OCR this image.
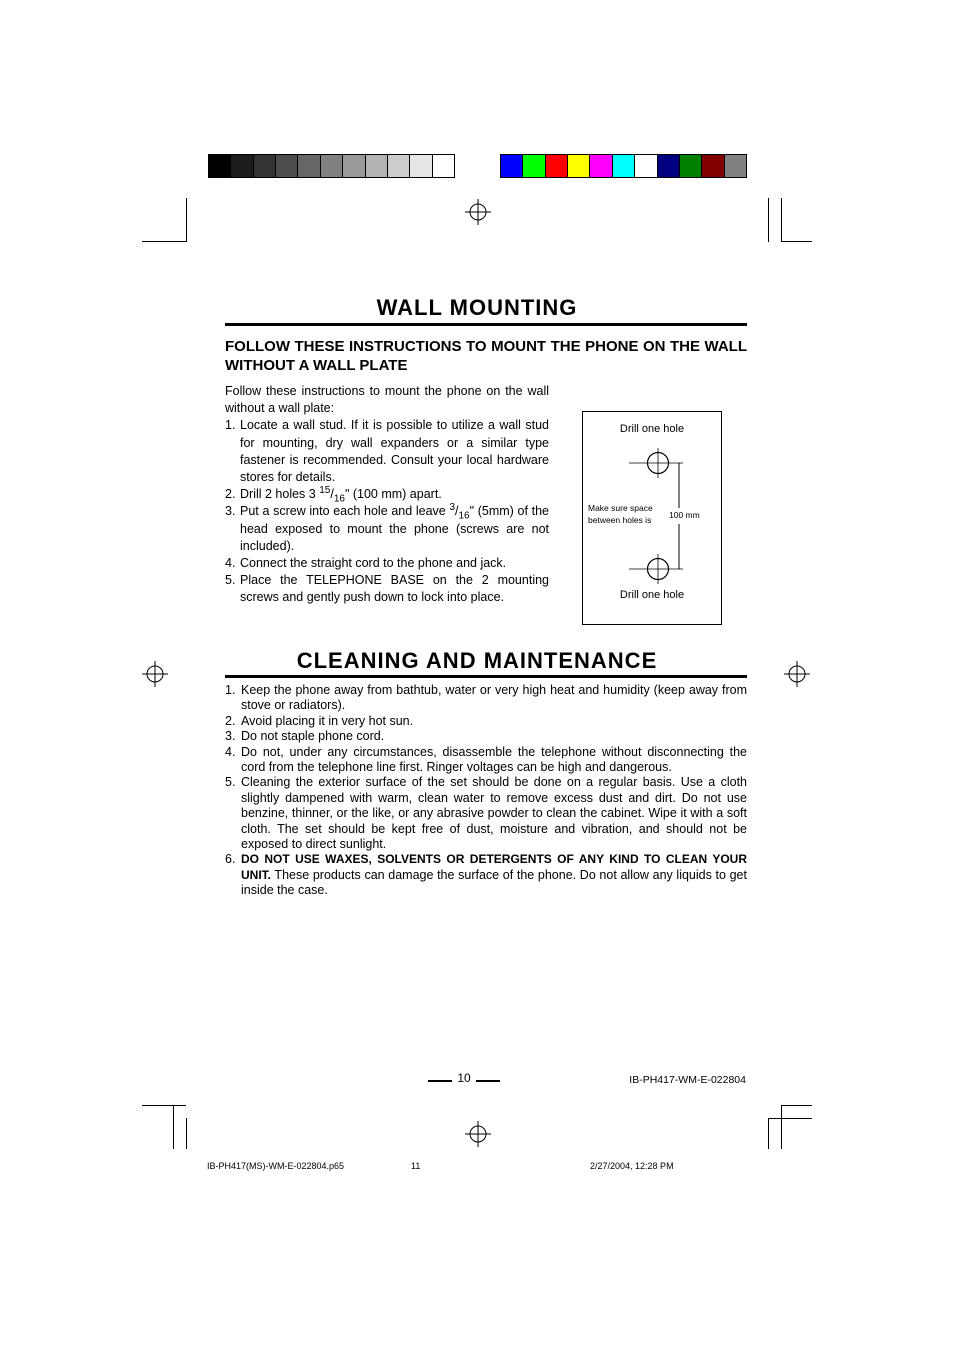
WALL MOUNTING
FOLLOW THESE INSTRUCTIONS TO MOUNT THE PHONE ON THE WALL WITHOUT A WALL PLATE

Follow these instructions to mount the phone on the wall without a wall plate:

1. Locate a wall stud. If it is possible to utilize a wall stud for mounting, dry wall expanders or a similar type fastener is recommended. Consult your local hardware stores for details.
2. Drill 2 holes 3 $^{15}/_{16}$" (100 mm) apart.
3. Put a screw into each hole and leave $^3/_{16}$" (5mm) of the head exposed to mount the phone (screws are not included).
4. Connect the straight cord to the phone and jack.
5. Place the TELEPHONE BASE on the 2 mounting screws and gently push down to lock into place.
Drill one hole
Make sure space between holes is	100 mm
Drill one hole
CLEANING AND MAINTENANCE
1. Keep the phone away from bathtub, water or very high heat and humidity (keep away from stove or radiators).
2. Avoid placing it in very hot sun.
3. Do not staple phone cord.
4. Do not, under any circumstances, disassemble the telephone without disconnecting the cord from the telephone line first. Ringer voltages can be high and dangerous.
5. Cleaning the exterior surface of the set should be done on a regular basis. Use a cloth slightly dampened with warm, clean water to remove excess dust and dirt. Do not use benzine, thinner, or the like, or any abrasive powder to clean the cabinet. Wipe it with a soft cloth. The set should be kept free of dust, moisture and vibration, and should not be exposed to direct sunlight.
6. DO NOT USE WAXES, SOLVENTS OR DETERGENTS OF ANY KIND TO CLEAN YOUR UNIT. These products can damage the surface of the phone. Do not allow any liquids to get inside the case.
10	IB-PH417-WM-E-022804
IB-PH417(MS)-WM-E-022804.p65	11	2/27/2004, 12:28 PM
